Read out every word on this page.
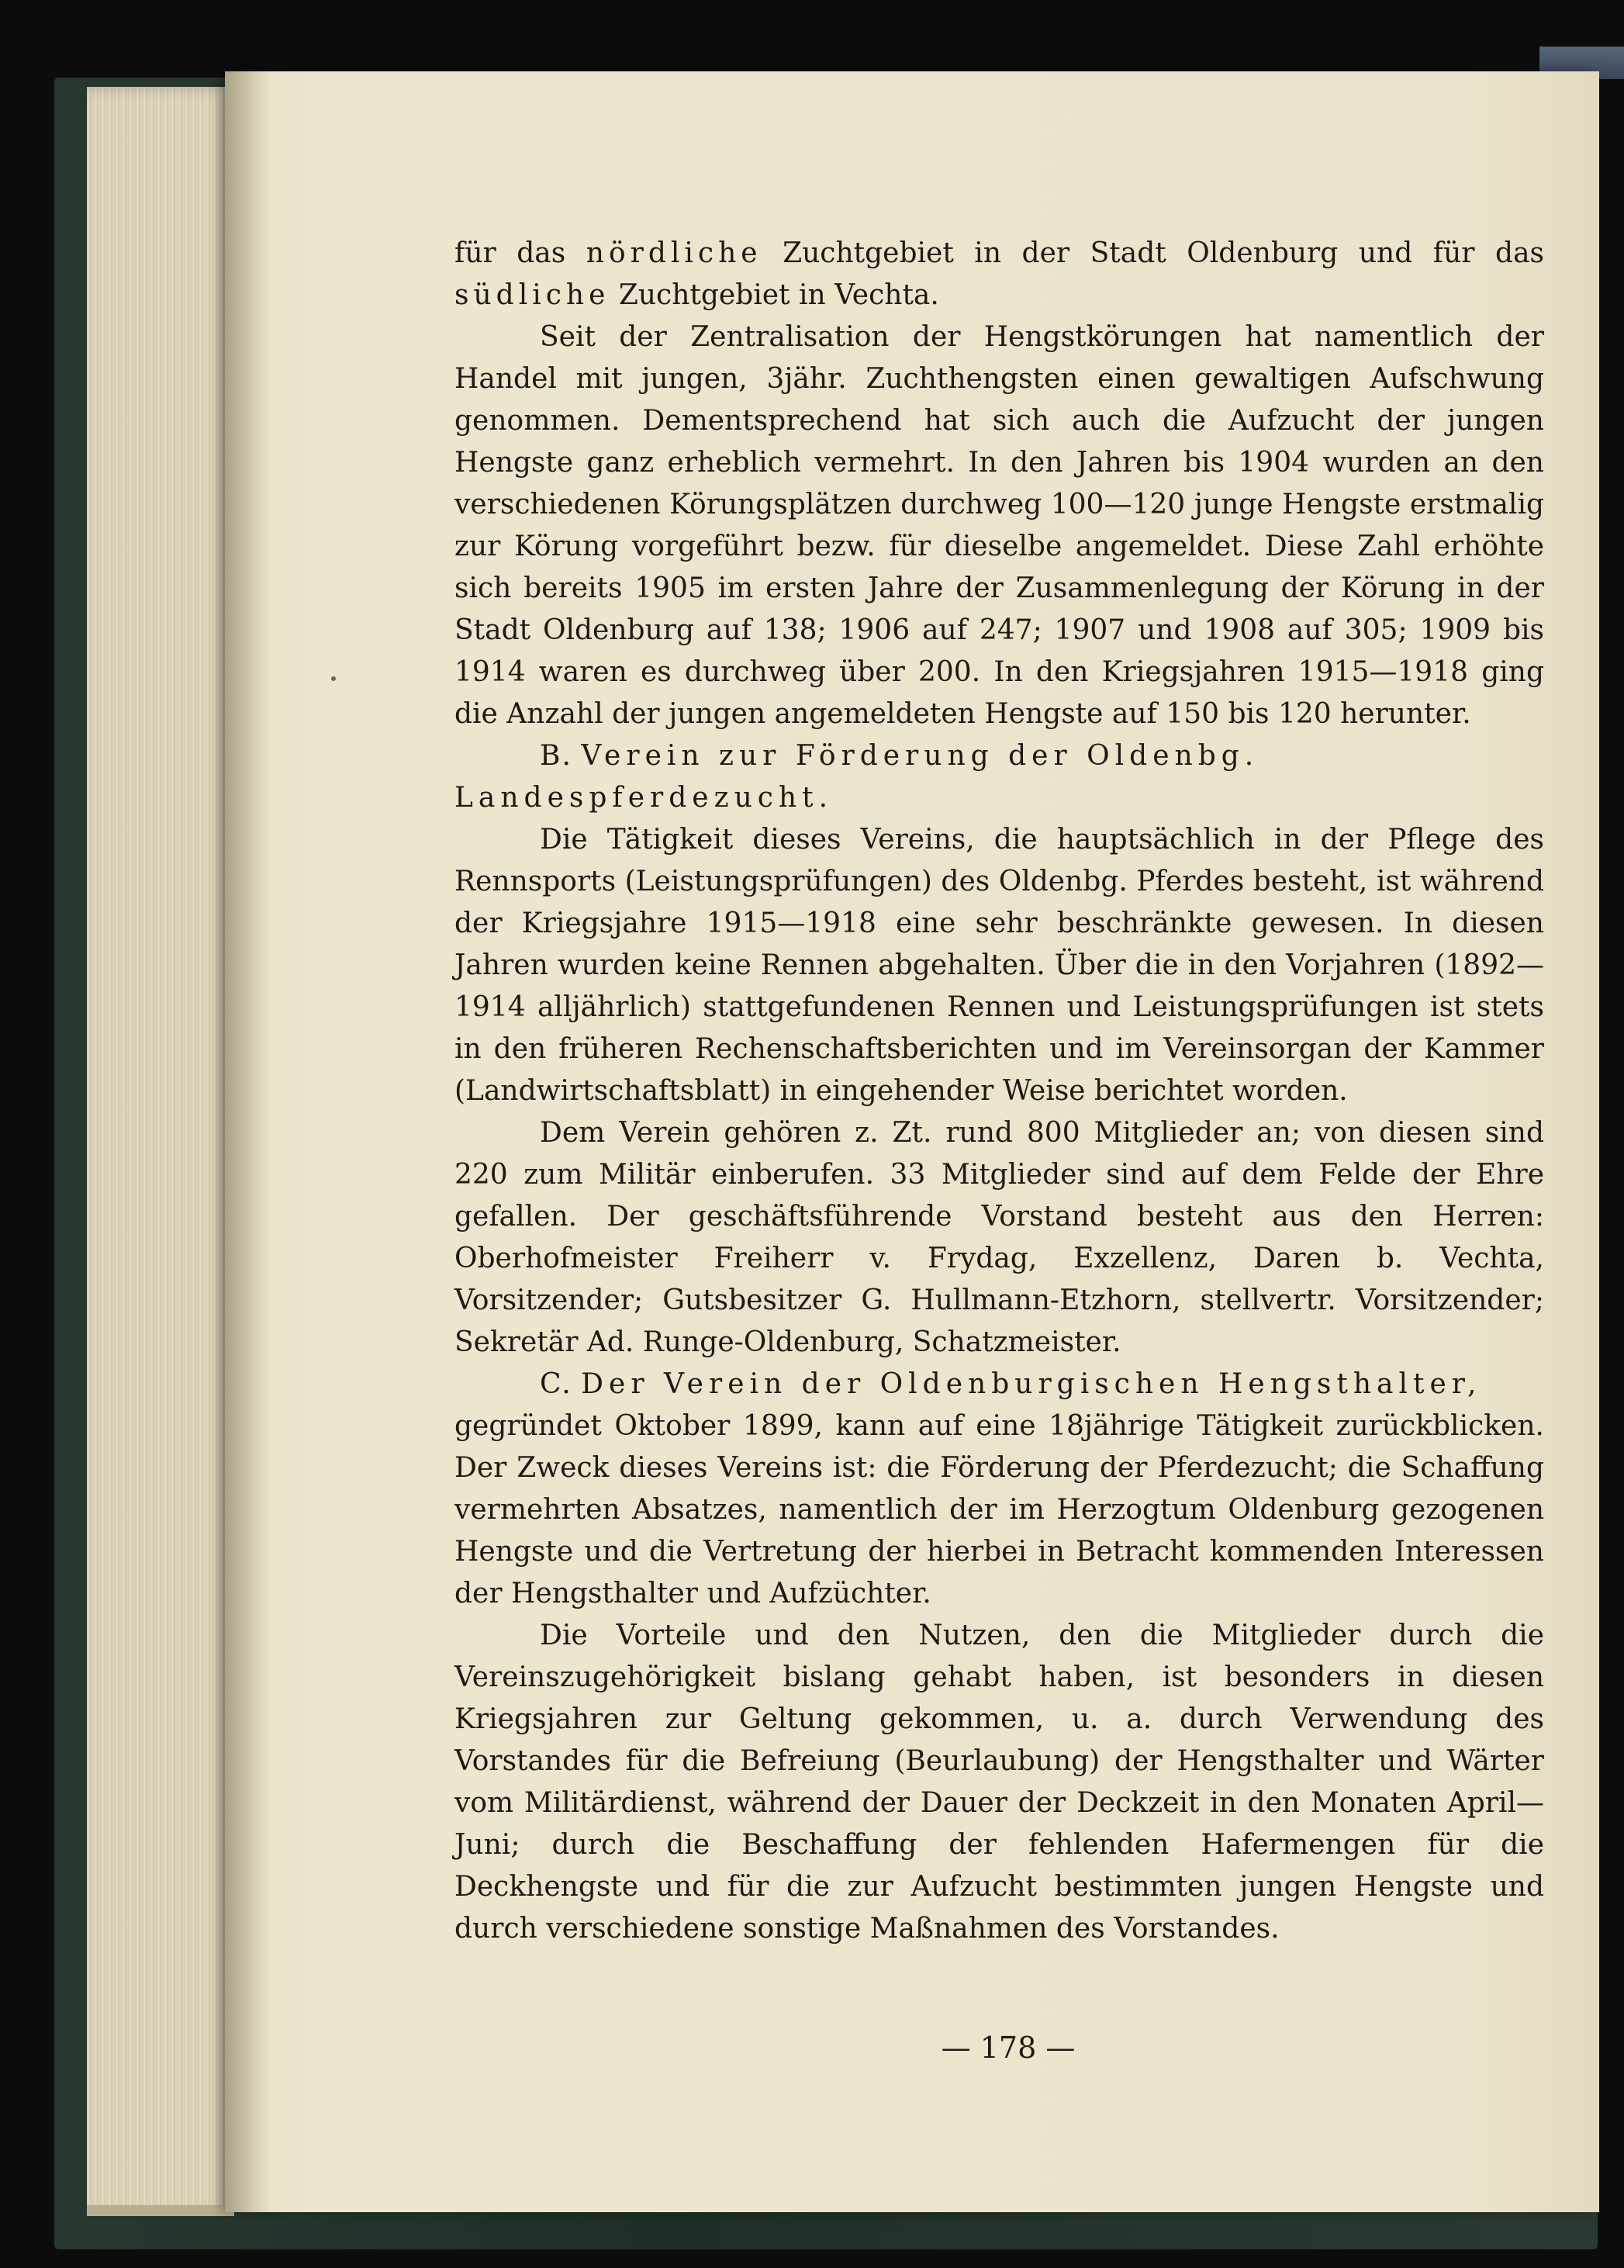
für das nördliche Zuchtgebiet in der Stadt Oldenburg und für das südliche Zuchtgebiet in Vechta.

Seit der Zentralisation der Hengstkörungen hat namentlich der Handel mit jungen, 3jähr. Zuchthengsten einen gewaltigen Aufschwung genommen. Dementsprechend hat sich auch die Aufzucht der jungen Hengste ganz erheblich vermehrt. In den Jahren bis 1904 wurden an den verschiedenen Körungsplätzen durchweg 100—120 junge Hengste erstmalig zur Körung vorgeführt bezw. für dieselbe angemeldet. Diese Zahl erhöhte sich bereits 1905 im ersten Jahre der Zusammenlegung der Körung in der Stadt Oldenburg auf 138; 1906 auf 247; 1907 und 1908 auf 305; 1909 bis 1914 waren es durchweg über 200. In den Kriegsjahren 1915—1918 ging die Anzahl der jungen angemeldeten Hengste auf 150 bis 120 herunter.

B. Verein zur Förderung der Oldenbg. Landespferdezucht.

Die Tätigkeit dieses Vereins, die hauptsächlich in der Pflege des Rennsports (Leistungsprüfungen) des Oldenbg. Pferdes besteht, ist während der Kriegsjahre 1915—1918 eine sehr beschränkte gewesen. In diesen Jahren wurden keine Rennen abgehalten. Über die in den Vorjahren (1892—1914 alljährlich) stattgefundenen Rennen und Leistungsprüfungen ist stets in den früheren Rechenschaftsberichten und im Vereinsorgan der Kammer (Landwirtschaftsblatt) in eingehender Weise berichtet worden.

Dem Verein gehören z. Zt. rund 800 Mitglieder an; von diesen sind 220 zum Militär einberufen. 33 Mitglieder sind auf dem Felde der Ehre gefallen. Der geschäftsführende Vorstand besteht aus den Herren: Oberhofmeister Freiherr v. Frydag, Exzellenz, Daren b. Vechta, Vorsitzender; Gutsbesitzer G. Hullmann-Etzhorn, stellvertr. Vorsitzender; Sekretär Ad. Runge-Oldenburg, Schatzmeister.

C. Der Verein der Oldenburgischen Hengsthalter,

gegründet Oktober 1899, kann auf eine 18jährige Tätigkeit zurückblicken. Der Zweck dieses Vereins ist: die Förderung der Pferdezucht; die Schaffung vermehrten Absatzes, namentlich der im Herzogtum Oldenburg gezogenen Hengste und die Vertretung der hierbei in Betracht kommenden Interessen der Hengsthalter und Aufzüchter.

Die Vorteile und den Nutzen, den die Mitglieder durch die Vereinszugehörigkeit bislang gehabt haben, ist besonders in diesen Kriegsjahren zur Geltung gekommen, u. a. durch Verwendung des Vorstandes für die Befreiung (Beurlaubung) der Hengsthalter und Wärter vom Militärdienst, während der Dauer der Deckzeit in den Monaten April—Juni; durch die Beschaffung der fehlenden Hafermengen für die Deckhengste und für die zur Aufzucht bestimmten jungen Hengste und durch verschiedene sonstige Maßnahmen des Vorstandes.

— 178 —
